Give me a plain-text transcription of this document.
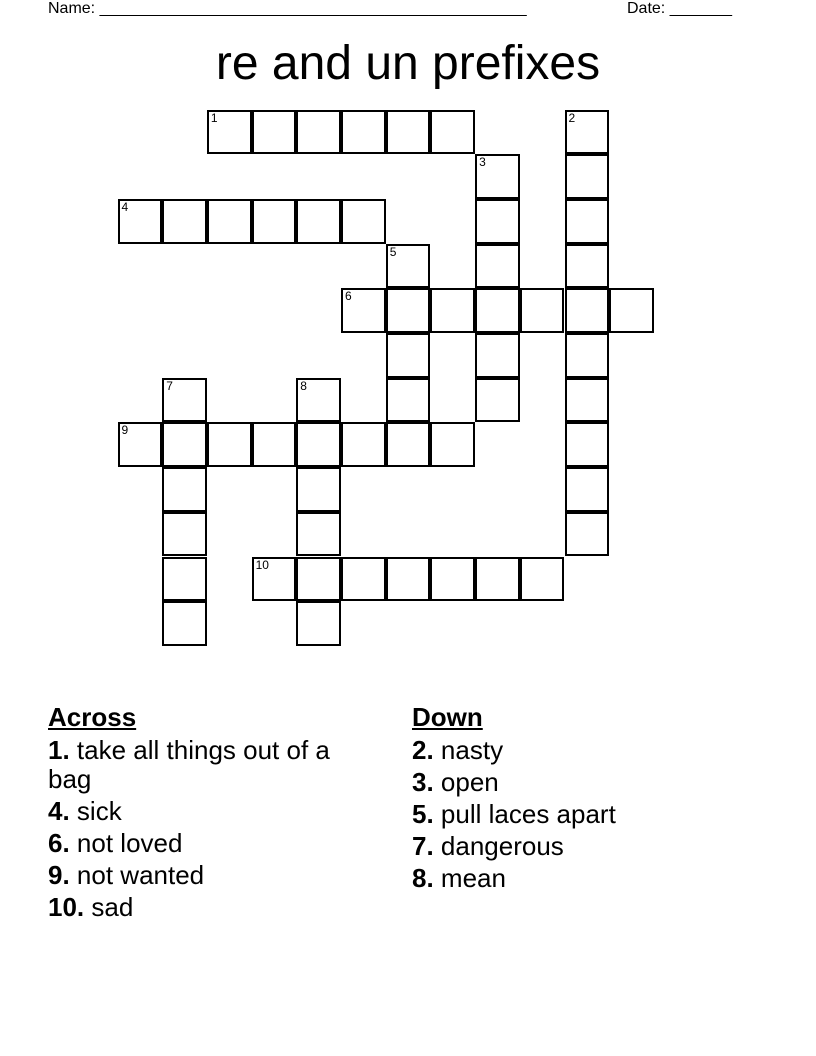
Name: ________________________________________________	Date: _______
re and un prefixes
1	2
3
4
5
6
7	8
9
10
Across
1. take all things out of a bag
4. sick
6. not loved
9. not wanted
10. sad
Down
2. nasty
3. open
5. pull laces apart
7. dangerous
8. mean
